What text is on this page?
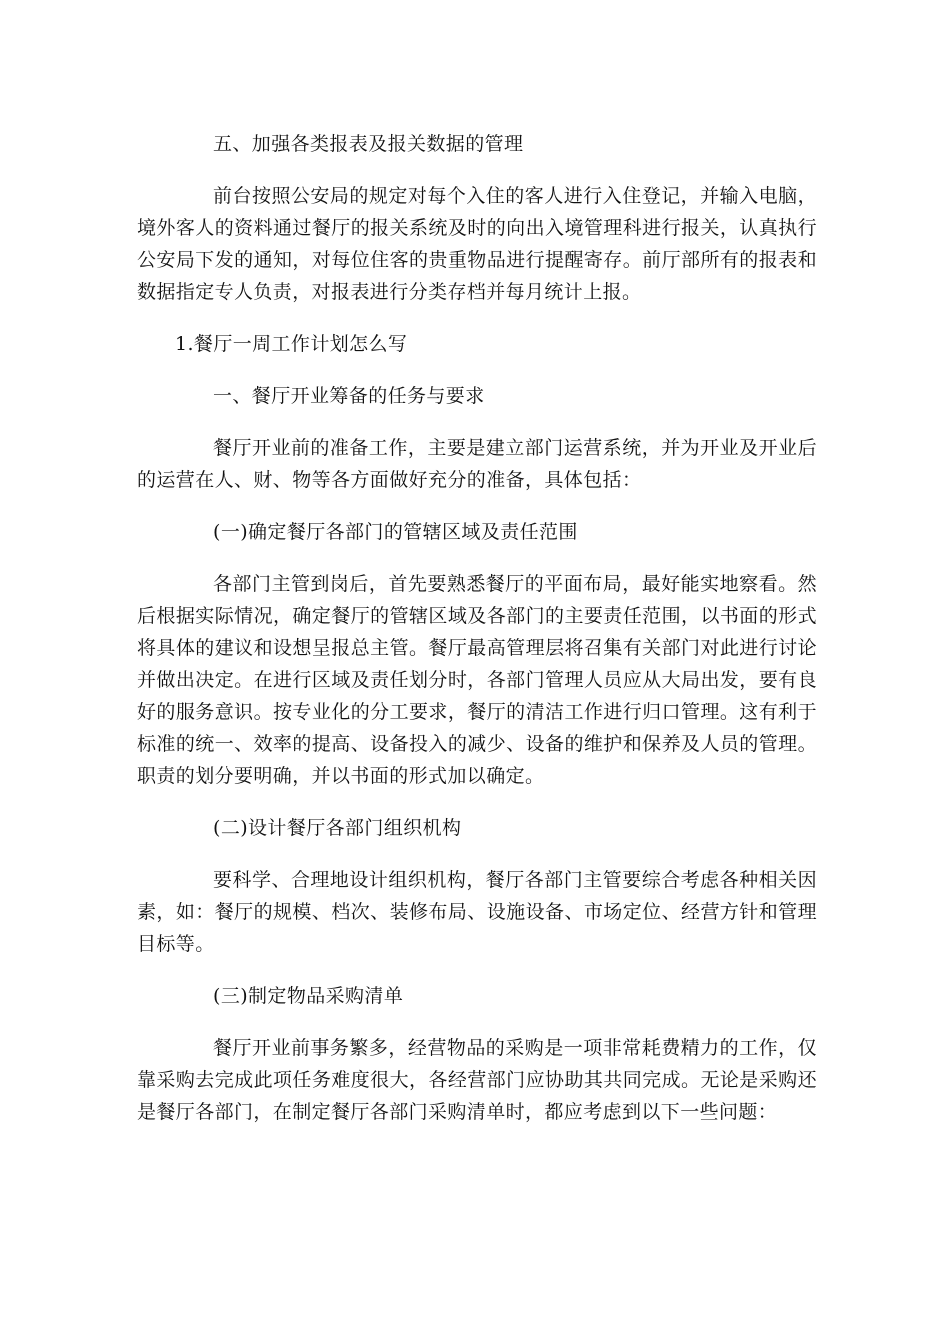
五、加强各类报表及报关数据的管理

前台按照公安局的规定对每个入住的客人进行入住登记，并输入电脑，境外客人的资料通过餐厅的报关系统及时的向出入境管理科进行报关，认真执行公安局下发的通知，对每位住客的贵重物品进行提醒寄存。前厅部所有的报表和数据指定专人负责，对报表进行分类存档并每月统计上报。

1.餐厅一周工作计划怎么写

一、餐厅开业筹备的任务与要求

餐厅开业前的准备工作，主要是建立部门运营系统，并为开业及开业后的运营在人、财、物等各方面做好充分的准备，具体包括：

(一)确定餐厅各部门的管辖区域及责任范围

各部门主管到岗后，首先要熟悉餐厅的平面布局，最好能实地察看。然后根据实际情况，确定餐厅的管辖区域及各部门的主要责任范围，以书面的形式将具体的建议和设想呈报总主管。餐厅最高管理层将召集有关部门对此进行讨论并做出决定。在进行区域及责任划分时，各部门管理人员应从大局出发，要有良好的服务意识。按专业化的分工要求，餐厅的清洁工作进行归口管理。这有利于标准的统一、效率的提高、设备投入的减少、设备的维护和保养及人员的管理。职责的划分要明确，并以书面的形式加以确定。

(二)设计餐厅各部门组织机构

要科学、合理地设计组织机构，餐厅各部门主管要综合考虑各种相关因素，如：餐厅的规模、档次、装修布局、设施设备、市场定位、经营方针和管理目标等。

(三)制定物品采购清单

餐厅开业前事务繁多，经营物品的采购是一项非常耗费精力的工作，仅靠采购去完成此项任务难度很大，各经营部门应协助其共同完成。无论是采购还是餐厅各部门，在制定餐厅各部门采购清单时，都应考虑到以下一些问题：
